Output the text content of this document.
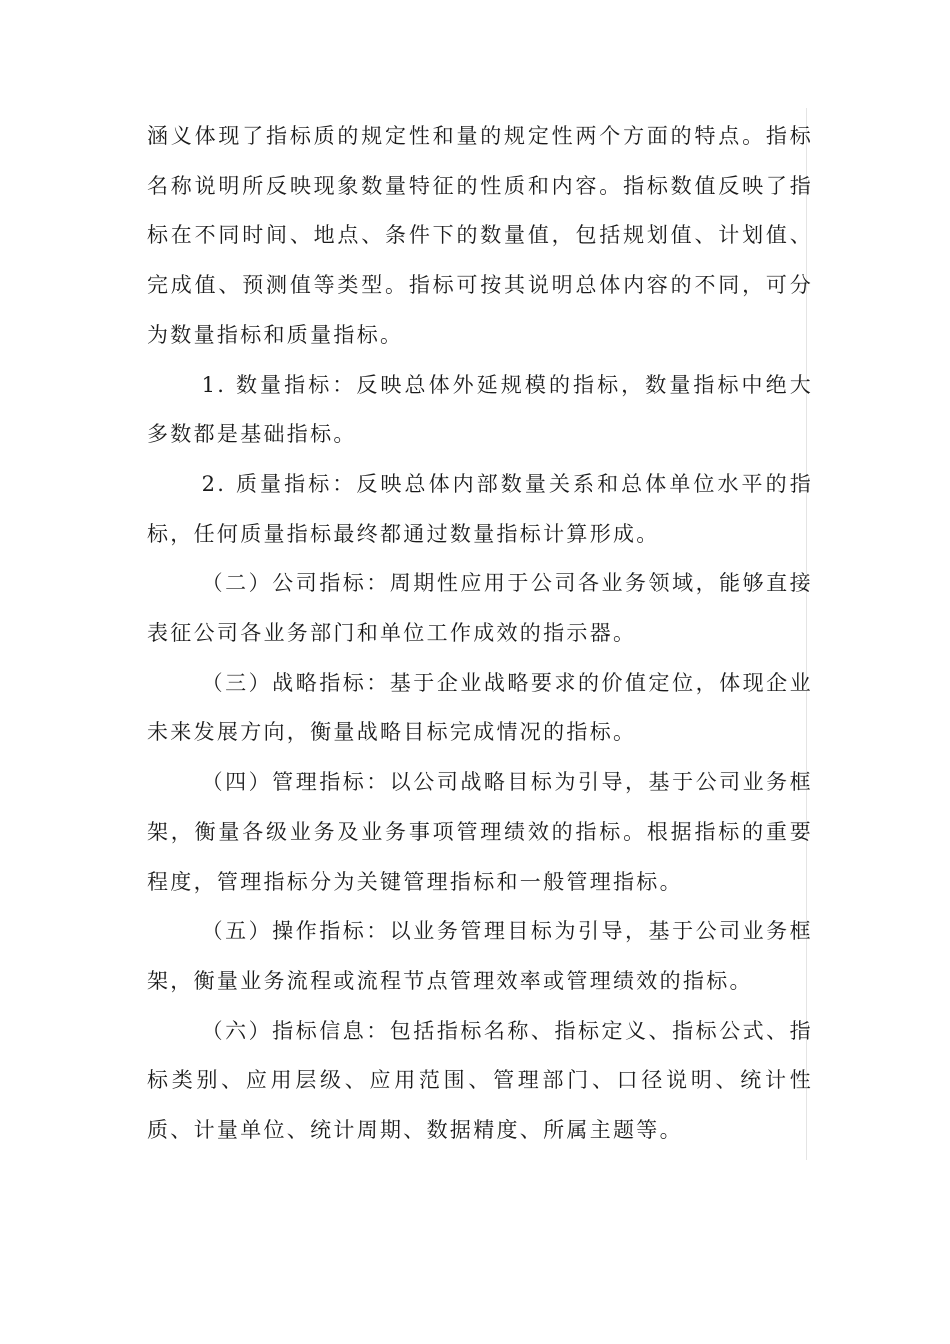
涵义体现了指标质的规定性和量的规定性两个方面的特点。指标名称说明所反映现象数量特征的性质和内容。指标数值反映了指标在不同时间、地点、条件下的数量值，包括规划值、计划值、完成值、预测值等类型。指标可按其说明总体内容的不同，可分为数量指标和质量指标。

1. 数量指标：反映总体外延规模的指标，数量指标中绝大多数都是基础指标。

2. 质量指标：反映总体内部数量关系和总体单位水平的指标，任何质量指标最终都通过数量指标计算形成。

（二）公司指标：周期性应用于公司各业务领域，能够直接表征公司各业务部门和单位工作成效的指示器。

（三）战略指标：基于企业战略要求的价值定位，体现企业未来发展方向，衡量战略目标完成情况的指标。

（四）管理指标：以公司战略目标为引导，基于公司业务框架，衡量各级业务及业务事项管理绩效的指标。根据指标的重要程度，管理指标分为关键管理指标和一般管理指标。

（五）操作指标：以业务管理目标为引导，基于公司业务框架，衡量业务流程或流程节点管理效率或管理绩效的指标。

（六）指标信息：包括指标名称、指标定义、指标公式、指标类别、应用层级、应用范围、管理部门、口径说明、统计性质、计量单位、统计周期、数据精度、所属主题等。
